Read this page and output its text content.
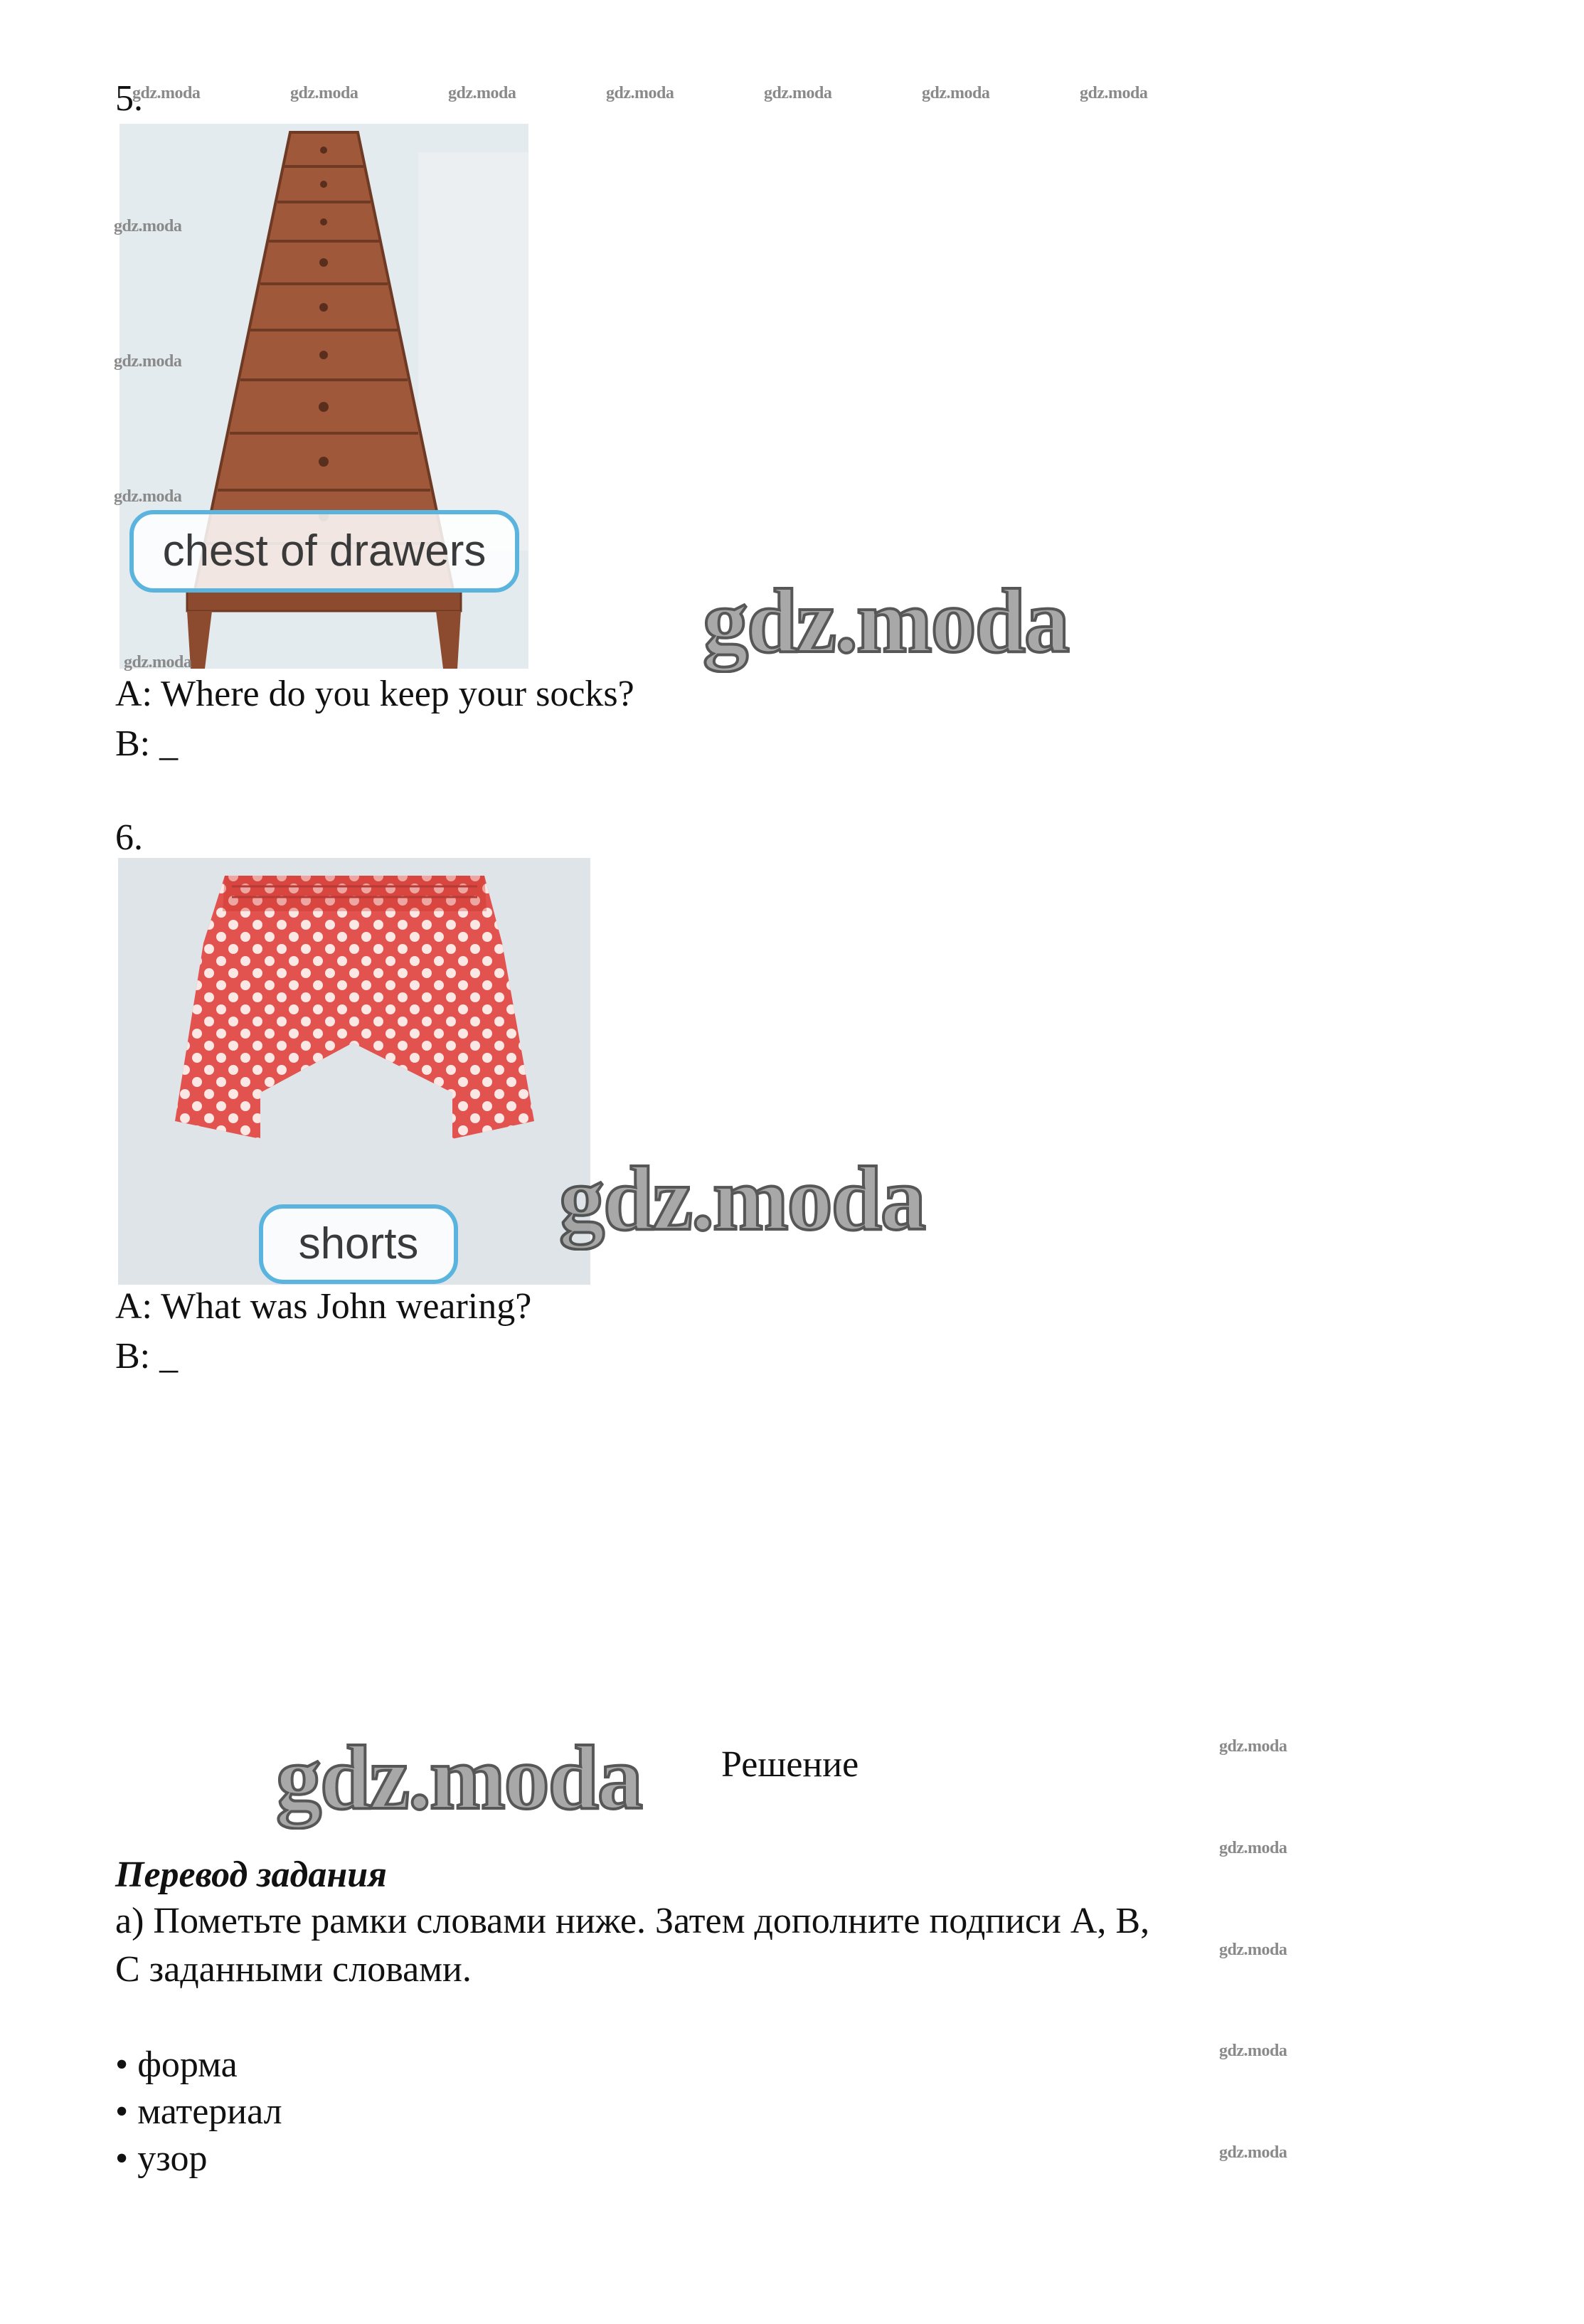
gdz.moda	gdz.moda	gdz.moda	gdz.moda	gdz.moda	gdz.moda	gdz.moda
5.
chest of drawers
gdz.moda
gdz.moda
gdz.moda
gdz.moda	gdz.moda
A: Where do you keep your socks?
B: _
6.
shorts	gdz.moda
A: What was John wearing?
B: _
gdz.moda Решение	gdz.moda
gdz.moda
gdz.moda
gdz.moda
gdz.moda
Перевод задания
а) Пометьте рамки словами ниже. Затем дополните подписи A, B,
C заданными словами.
• форма
• материал
• узор
